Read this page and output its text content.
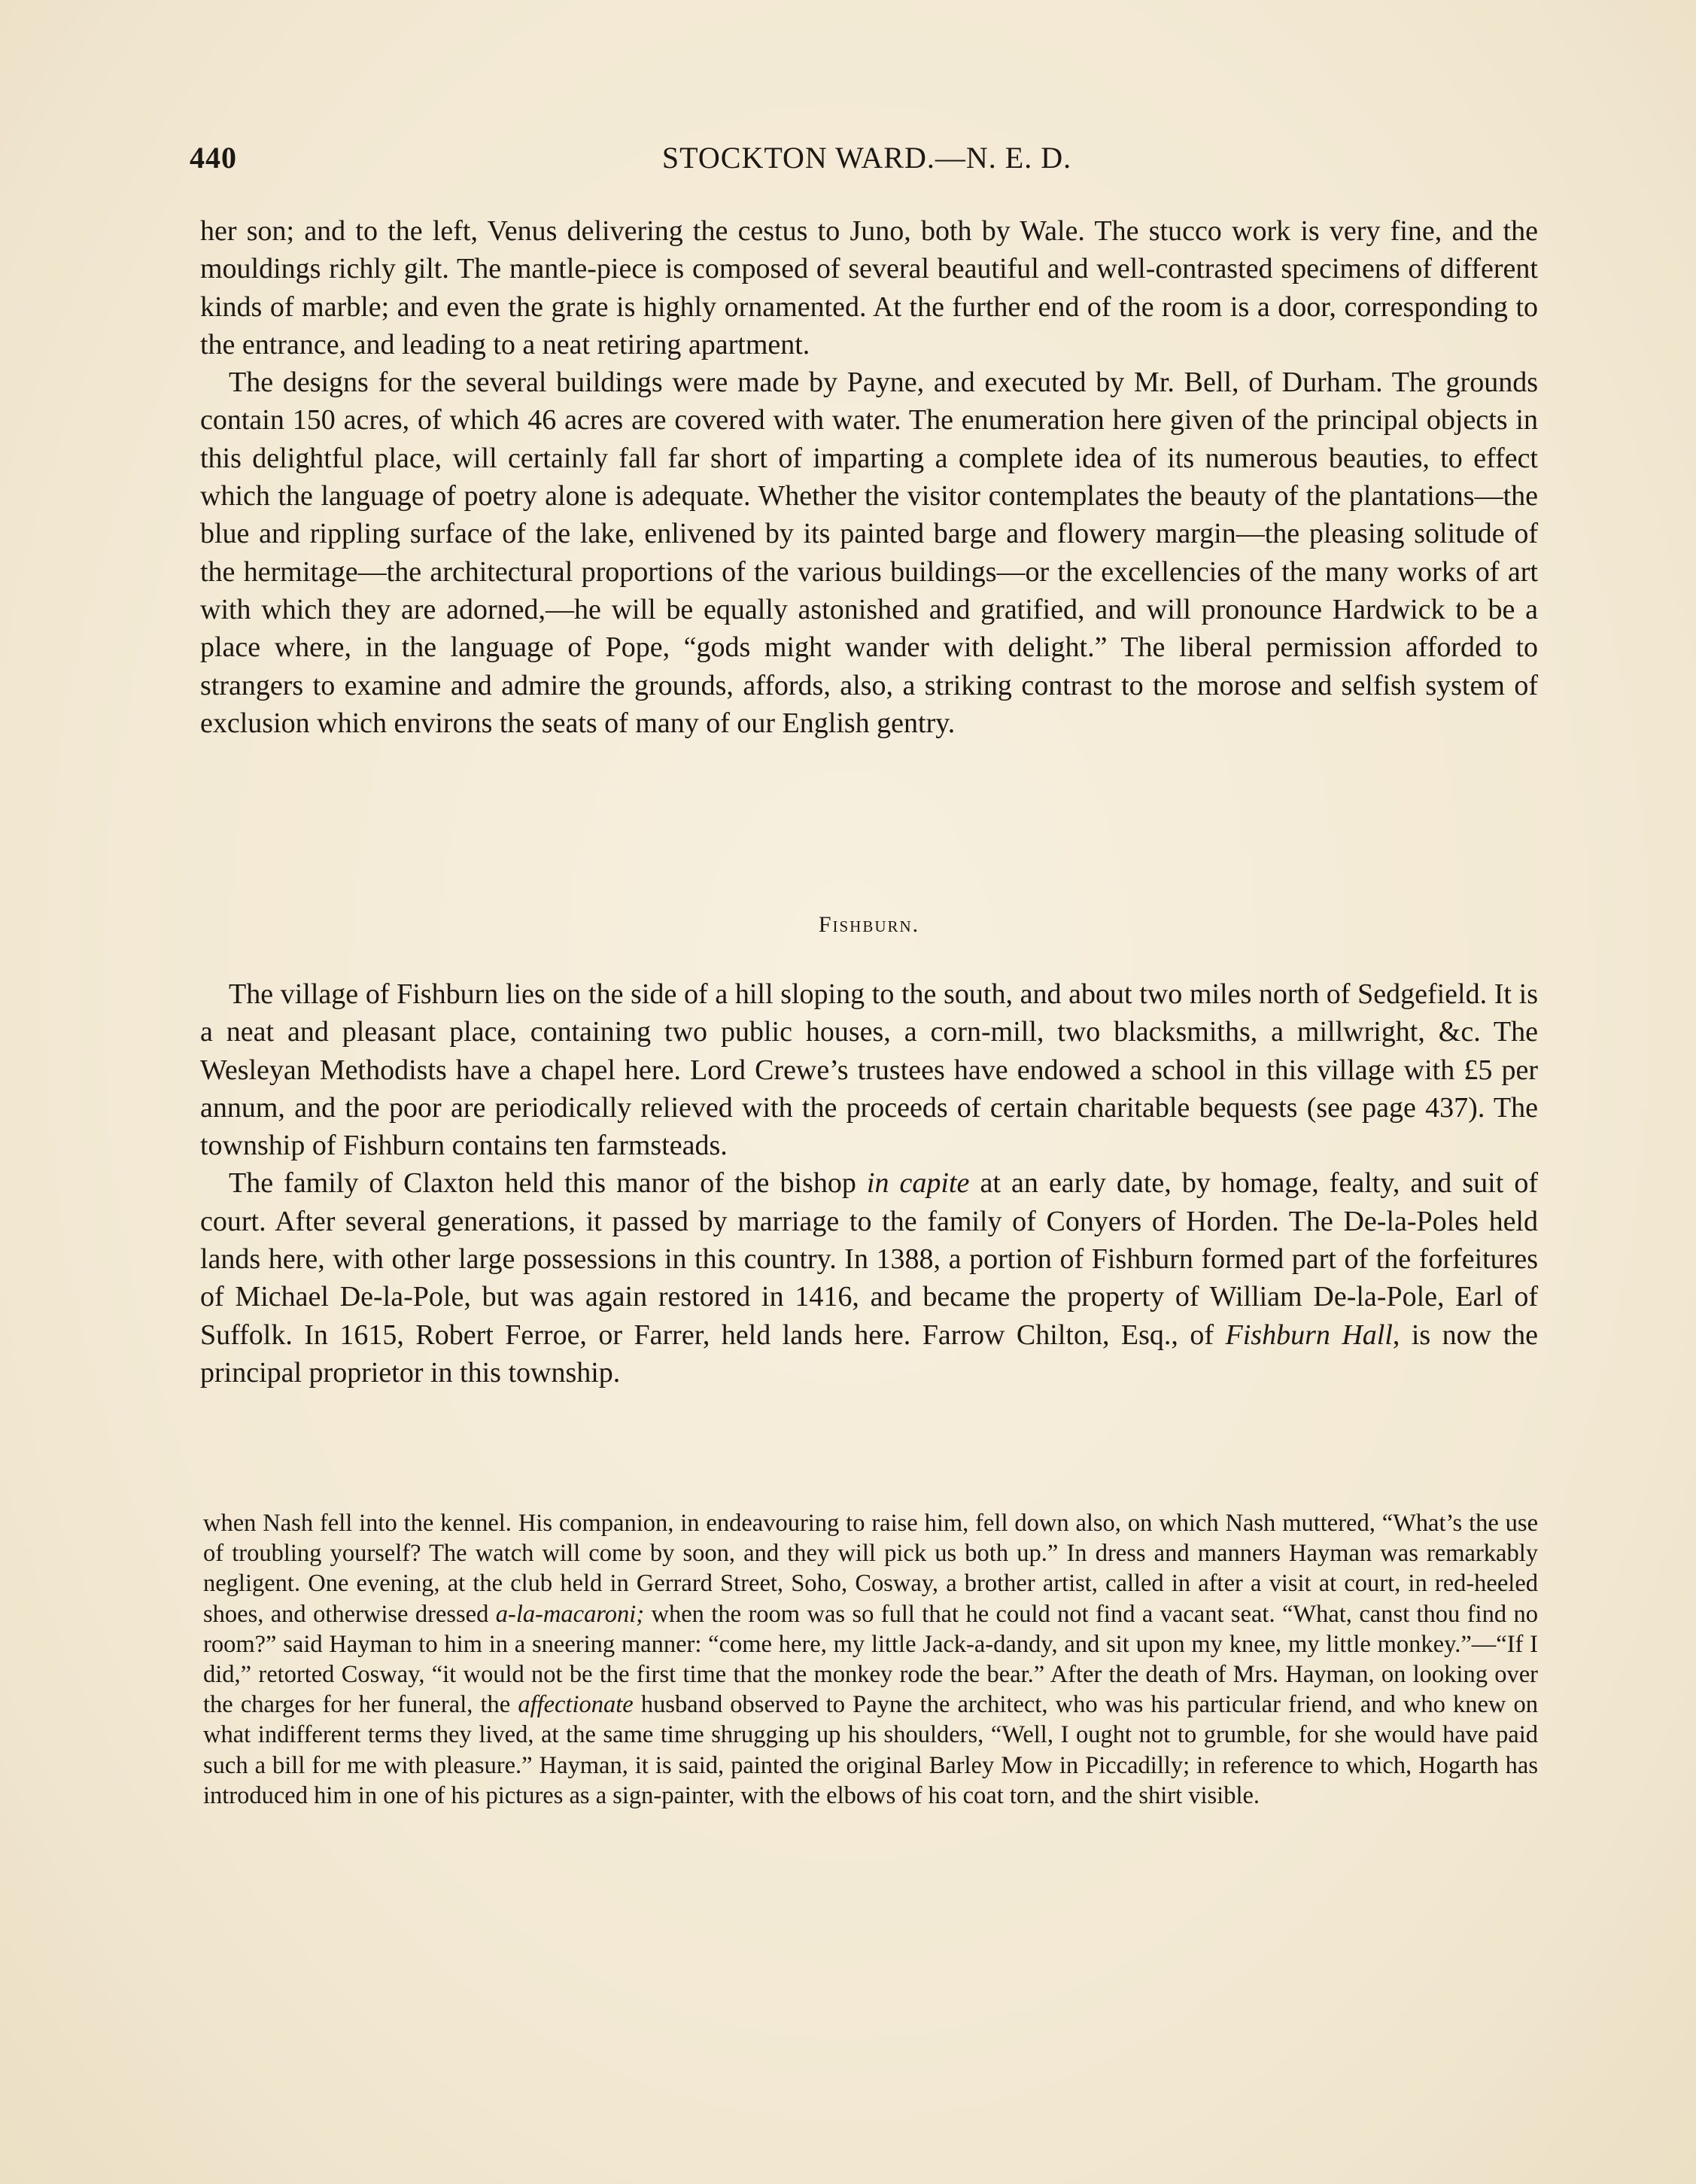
440	STOCKTON WARD.—N. E. D.

her son; and to the left, Venus delivering the cestus to Juno, both by Wale. The stucco work is very fine, and the mouldings richly gilt. The mantle-piece is composed of several beautiful and well-contrasted specimens of different kinds of marble; and even the grate is highly ornamented. At the further end of the room is a door, corresponding to the entrance, and leading to a neat retiring apartment.

The designs for the several buildings were made by Payne, and executed by Mr. Bell, of Durham. The grounds contain 150 acres, of which 46 acres are covered with water. The enumeration here given of the principal objects in this delightful place, will certainly fall far short of imparting a complete idea of its numerous beauties, to effect which the language of poetry alone is adequate. Whether the visitor contemplates the beauty of the plantations—the blue and rippling surface of the lake, enlivened by its painted barge and flowery margin—the pleasing solitude of the hermitage—the architectural proportions of the various buildings—or the excellencies of the many works of art with which they are adorned,—he will be equally astonished and gratified, and will pronounce Hardwick to be a place where, in the language of Pope, “gods might wander with delight.” The liberal permission afforded to strangers to examine and admire the grounds, affords, also, a striking contrast to the morose and selfish system of exclusion which environs the seats of many of our English gentry.

Fishburn.

The village of Fishburn lies on the side of a hill sloping to the south, and about two miles north of Sedgefield. It is a neat and pleasant place, containing two public houses, a corn-mill, two blacksmiths, a millwright, &c. The Wesleyan Methodists have a chapel here. Lord Crewe’s trustees have endowed a school in this village with £5 per annum, and the poor are periodically relieved with the proceeds of certain charitable bequests (see page 437). The township of Fishburn contains ten farmsteads.

The family of Claxton held this manor of the bishop in capite at an early date, by homage, fealty, and suit of court. After several generations, it passed by marriage to the family of Conyers of Horden. The De-la-Poles held lands here, with other large possessions in this country. In 1388, a portion of Fishburn formed part of the forfeitures of Michael De-la-Pole, but was again restored in 1416, and became the property of William De-la-Pole, Earl of Suffolk. In 1615, Robert Ferroe, or Farrer, held lands here. Farrow Chilton, Esq., of Fishburn Hall, is now the principal proprietor in this township.

when Nash fell into the kennel. His companion, in endeavouring to raise him, fell down also, on which Nash muttered, “What’s the use of troubling yourself? The watch will come by soon, and they will pick us both up.” In dress and manners Hayman was remarkably negligent. One evening, at the club held in Gerrard Street, Soho, Cosway, a brother artist, called in after a visit at court, in red-heeled shoes, and otherwise dressed a-la-macaroni; when the room was so full that he could not find a vacant seat. “What, canst thou find no room?” said Hayman to him in a sneering manner: “come here, my little Jack-a-dandy, and sit upon my knee, my little monkey.”—“If I did,” retorted Cosway, “it would not be the first time that the monkey rode the bear.” After the death of Mrs. Hayman, on looking over the charges for her funeral, the affectionate husband observed to Payne the architect, who was his particular friend, and who knew on what indifferent terms they lived, at the same time shrugging up his shoulders, “Well, I ought not to grumble, for she would have paid such a bill for me with pleasure.” Hayman, it is said, painted the original Barley Mow in Piccadilly; in reference to which, Hogarth has introduced him in one of his pictures as a sign-painter, with the elbows of his coat torn, and the shirt visible.
